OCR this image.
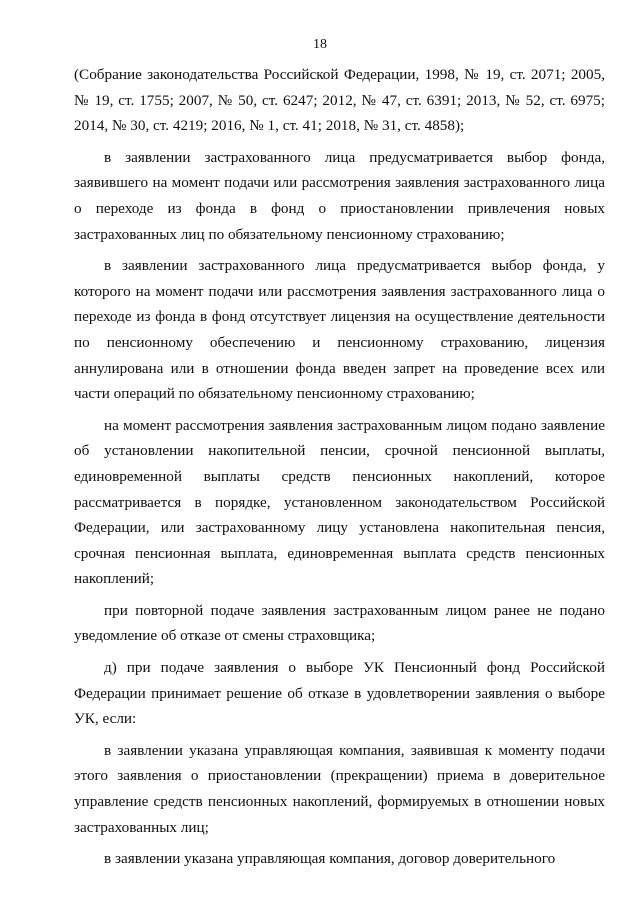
18

(Собрание законодательства Российской Федерации, 1998, № 19, ст. 2071; 2005, № 19, ст. 1755; 2007, № 50, ст. 6247; 2012, № 47, ст. 6391; 2013, № 52, ст. 6975; 2014, № 30, ст. 4219; 2016, № 1, ст. 41; 2018, № 31, ст. 4858);

в заявлении застрахованного лица предусматривается выбор фонда, заявившего на момент подачи или рассмотрения заявления застрахованного лица о переходе из фонда в фонд о приостановлении привлечения новых застрахованных лиц по обязательному пенсионному страхованию;

в заявлении застрахованного лица предусматривается выбор фонда, у которого на момент подачи или рассмотрения заявления застрахованного лица о переходе из фонда в фонд отсутствует лицензия на осуществление деятельности по пенсионному обеспечению и пенсионному страхованию, лицензия аннулирована или в отношении фонда введен запрет на проведение всех или части операций по обязательному пенсионному страхованию;

на момент рассмотрения заявления застрахованным лицом подано заявление об установлении накопительной пенсии, срочной пенсионной выплаты, единовременной выплаты средств пенсионных накоплений, которое рассматривается в порядке, установленном законодательством Российской Федерации, или застрахованному лицу установлена накопительная пенсия, срочная пенсионная выплата, единовременная выплата средств пенсионных накоплений;

при повторной подаче заявления застрахованным лицом ранее не подано уведомление об отказе от смены страховщика;

д) при подаче заявления о выборе УК Пенсионный фонд Российской Федерации принимает решение об отказе в удовлетворении заявления о выборе УК, если:

в заявлении указана управляющая компания, заявившая к моменту подачи этого заявления о приостановлении (прекращении) приема в доверительное управление средств пенсионных накоплений, формируемых в отношении новых застрахованных лиц;

в заявлении указана управляющая компания, договор доверительного
